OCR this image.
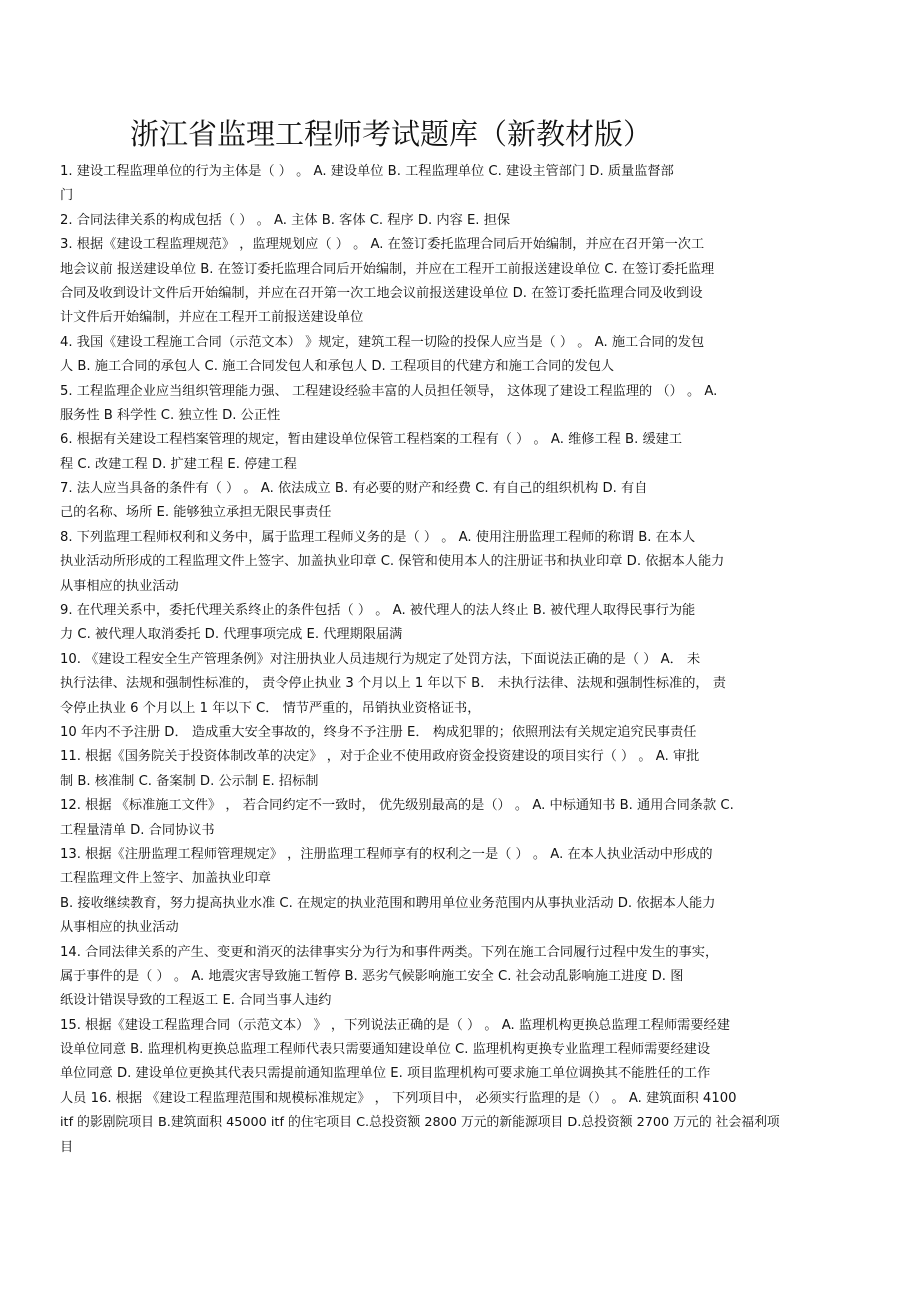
浙江省监理工程师考试题库（新教材版）
1. 建设工程监理单位的行为主体是（ ） 。 A. 建设单位 B. 工程监理单位 C. 建设主管部门 D. 质量监督部
门
2. 合同法律关系的构成包括（ ） 。 A. 主体 B. 客体 C. 程序 D. 内容 E. 担保
3. 根据《建设工程监理规范》 ，监理规划应（ ） 。 A. 在签订委托监理合同后开始编制，并应在召开第一次工
地会议前 报送建设单位 B. 在签订委托监理合同后开始编制，并应在工程开工前报送建设单位 C. 在签订委托监理
合同及收到设计文件后开始编制，并应在召开第一次工地会议前报送建设单位 D. 在签订委托监理合同及收到设
计文件后开始编制，并应在工程开工前报送建设单位
4. 我国《建设工程施工合同（示范文本） 》规定，建筑工程一切险的投保人应当是（ ） 。 A. 施工合同的发包
人 B. 施工合同的承包人 C. 施工合同发包人和承包人 D. 工程项目的代建方和施工合同的发包人
5. 工程监理企业应当组织管理能力强、 工程建设经验丰富的人员担任领导， 这体现了建设工程监理的 （） 。 A.
服务性 B 科学性 C. 独立性 D. 公正性
6. 根据有关建设工程档案管理的规定，暂由建设单位保管工程档案的工程有（ ） 。 A. 维修工程 B. 缓建工
程 C. 改建工程 D. 扩建工程 E. 停建工程
7. 法人应当具备的条件有（ ） 。 A. 依法成立 B. 有必要的财产和经费 C. 有自己的组织机构 D. 有自
己的名称、场所 E. 能够独立承担无限民事责任
8. 下列监理工程师权利和义务中，属于监理工程师义务的是（ ） 。 A. 使用注册监理工程师的称谓 B. 在本人
执业活动所形成的工程监理文件上签字、加盖执业印章 C. 保管和使用本人的注册证书和执业印章 D. 依据本人能力
从事相应的执业活动
9. 在代理关系中，委托代理关系终止的条件包括（ ） 。 A. 被代理人的法人终止 B. 被代理人取得民事行为能
力 C. 被代理人取消委托 D. 代理事项完成 E. 代理期限届满
10. 《建设工程安全生产管理条例》对注册执业人员违规行为规定了处罚方法，下面说法正确的是（ ） A． 未
执行法律、法规和强制性标准的， 责令停止执业 3 个月以上 1 年以下 B． 未执行法律、法规和强制性标准的， 责
令停止执业 6 个月以上 1 年以下 C． 情节严重的，吊销执业资格证书，
10 年内不予注册 D． 造成重大安全事故的，终身不予注册 E． 构成犯罪的；依照刑法有关规定追究民事责任
11. 根据《国务院关于投资体制改革的决定》 ，对于企业不使用政府资金投资建设的项目实行（ ） 。 A. 审批
制 B. 核准制 C. 备案制 D. 公示制 E. 招标制
12. 根据 《标准施工文件》 ， 若合同约定不一致时， 优先级别最高的是（） 。 A. 中标通知书 B. 通用合同条款 C.
工程量清单 D. 合同协议书
13. 根据《注册监理工程师管理规定》 ，注册监理工程师享有的权利之一是（ ） 。 A. 在本人执业活动中形成的
工程监理文件上签字、加盖执业印章
B. 接收继续教育，努力提高执业水准 C. 在规定的执业范围和聘用单位业务范围内从事执业活动 D. 依据本人能力
从事相应的执业活动
14. 合同法律关系的产生、变更和消灭的法律事实分为行为和事件两类。下列在施工合同履行过程中发生的事实，
属于事件的是（ ） 。 A. 地震灾害导致施工暂停 B. 恶劣气候影响施工安全 C. 社会动乱影响施工进度 D. 图
纸设计错误导致的工程返工 E. 合同当事人违约
15. 根据《建设工程监理合同（示范文本） 》 ，下列说法正确的是（ ） 。 A. 监理机构更换总监理工程师需要经建
设单位同意 B. 监理机构更换总监理工程师代表只需要通知建设单位 C. 监理机构更换专业监理工程师需要经建设
单位同意 D. 建设单位更换其代表只需提前通知监理单位 E. 项目监理机构可要求施工单位调换其不能胜任的工作
人员 16. 根据 《建设工程监理范围和规模标准规定》 ， 下列项目中， 必须实行监理的是（） 。 A. 建筑面积 4100
itf 的影剧院项目 B.建筑面积 45000 itf 的住宅项目 C.总投资额 2800 万元的新能源项目 D.总投资额 2700 万元的 社会福利项
目
